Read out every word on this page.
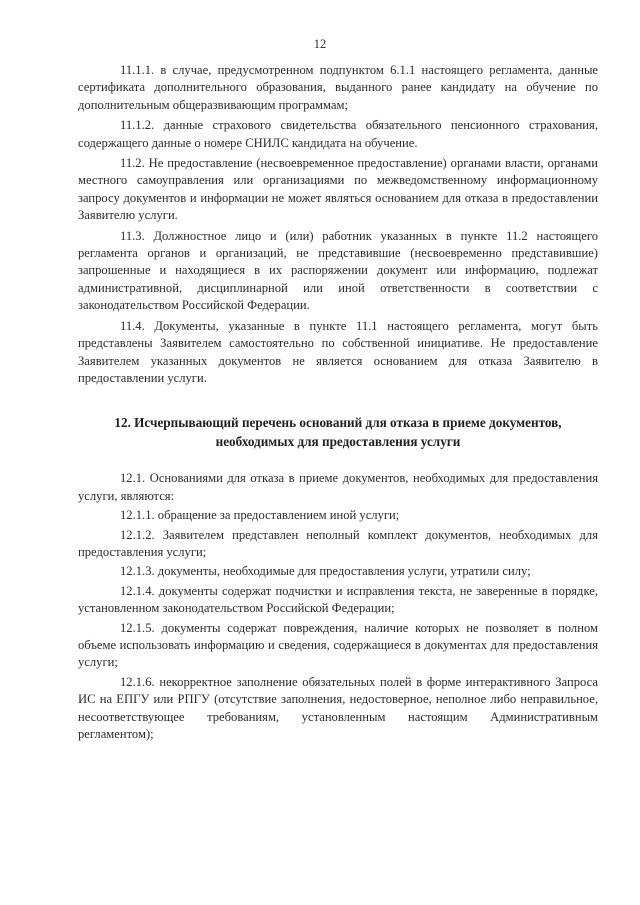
12

11.1.1. в случае, предусмотренном подпунктом 6.1.1 настоящего регламента, данные сертификата дополнительного образования, выданного ранее кандидату на обучение по дополнительным общеразвивающим программам;

11.1.2. данные страхового свидетельства обязательного пенсионного страхования, содержащего данные о номере СНИЛС кандидата на обучение.

11.2. Не предоставление (несвоевременное предоставление) органами власти, органами местного самоуправления или организациями по межведомственному информационному запросу документов и информации не может являться основанием для отказа в предоставлении Заявителю услуги.

11.3. Должностное лицо и (или) работник указанных в пункте 11.2 настоящего регламента органов и организаций, не представившие (несвоевременно представившие) запрошенные и находящиеся в их распоряжении документ или информацию, подлежат административной, дисциплинарной или иной ответственности в соответствии с законодательством Российской Федерации.

11.4. Документы, указанные в пункте 11.1 настоящего регламента, могут быть представлены Заявителем самостоятельно по собственной инициативе. Не предоставление Заявителем указанных документов не является основанием для отказа Заявителю в предоставлении услуги.

12. Исчерпывающий перечень оснований для отказа в приеме документов, необходимых для предоставления услуги

12.1. Основаниями для отказа в приеме документов, необходимых для предоставления услуги, являются:

12.1.1. обращение за предоставлением иной услуги;

12.1.2. Заявителем представлен неполный комплект документов, необходимых для предоставления услуги;

12.1.3. документы, необходимые для предоставления услуги, утратили силу;

12.1.4. документы содержат подчистки и исправления текста, не заверенные в порядке, установленном законодательством Российской Федерации;

12.1.5. документы содержат повреждения, наличие которых не позволяет в полном объеме использовать информацию и сведения, содержащиеся в документах для предоставления услуги;

12.1.6. некорректное заполнение обязательных полей в форме интерактивного Запроса ИС на ЕПГУ или РПГУ (отсутствие заполнения, недостоверное, неполное либо неправильное, несоответствующее требованиям, установленным настоящим Административным регламентом);
